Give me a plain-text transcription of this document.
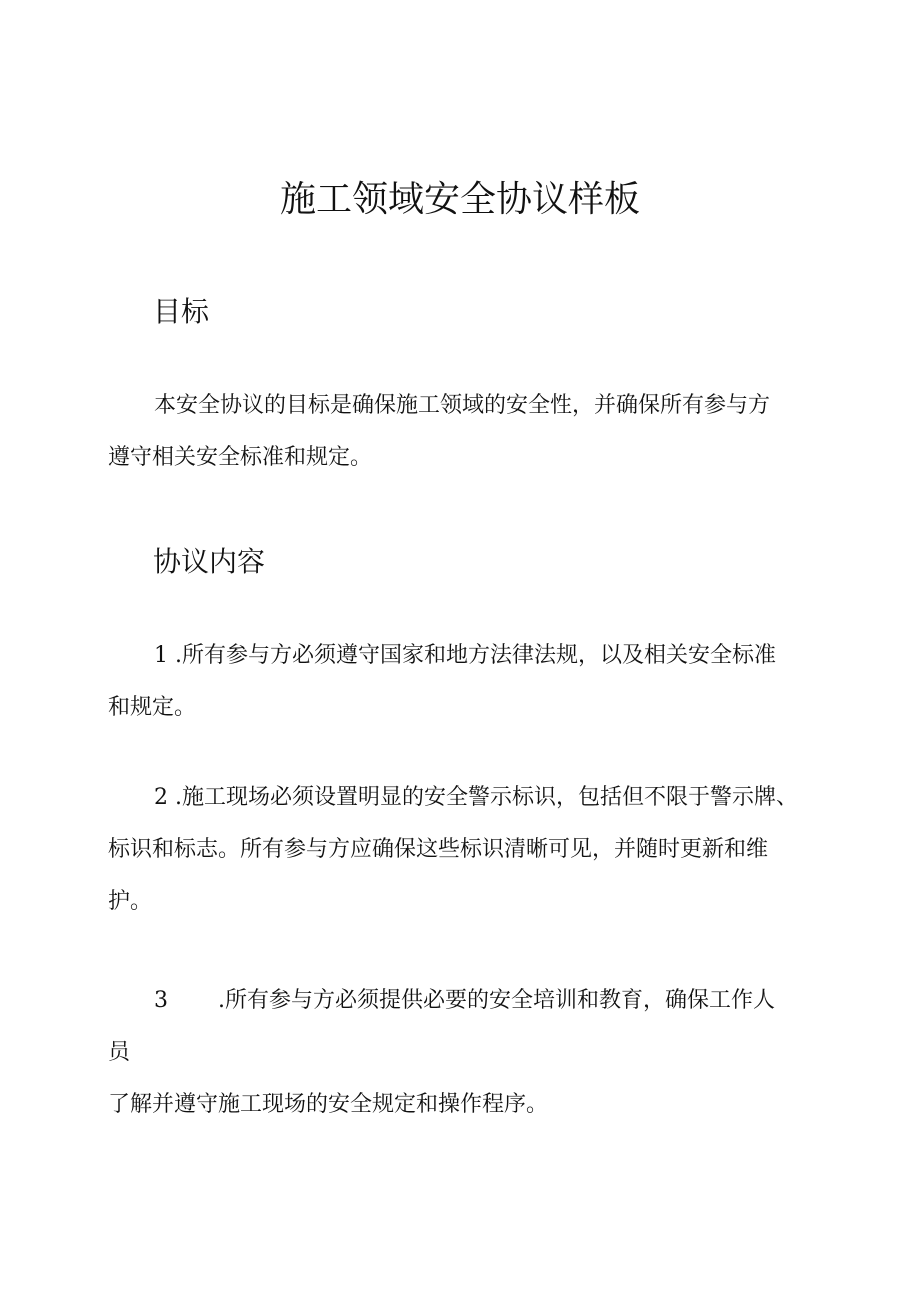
施工领域安全协议样板
目标
本安全协议的目标是确保施工领域的安全性，并确保所有参与方
遵守相关安全标准和规定。
协议内容
1 .所有参与方必须遵守国家和地方法律法规，以及相关安全标准
和规定。
2 .施工现场必须设置明显的安全警示标识，包括但不限于警示牌、
标识和标志。所有参与方应确保这些标识清晰可见，并随时更新和维
护。
3 .所有参与方必须提供必要的安全培训和教育，确保工作人
员
了解并遵守施工现场的安全规定和操作程序。
